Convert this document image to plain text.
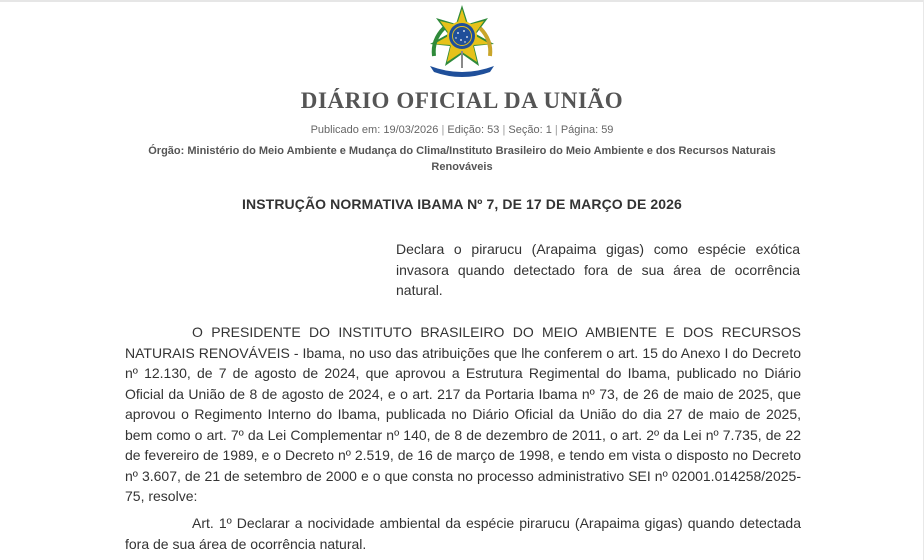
DIÁRIO OFICIAL DA UNIÃO
Publicado em: 19/03/2026 | Edição: 53 | Seção: 1 | Página: 59
Órgão: Ministério do Meio Ambiente e Mudança do Clima/Instituto Brasileiro do Meio Ambiente e dos Recursos Naturais Renováveis
INSTRUÇÃO NORMATIVA IBAMA Nº 7, DE 17 DE MARÇO DE 2026
Declara o pirarucu (Arapaima gigas) como espécie exótica invasora quando detectado fora de sua área de ocorrência natural.

O PRESIDENTE DO INSTITUTO BRASILEIRO DO MEIO AMBIENTE E DOS RECURSOS NATURAIS RENOVÁVEIS - Ibama, no uso das atribuições que lhe conferem o art. 15 do Anexo I do Decreto nº 12.130, de 7 de agosto de 2024, que aprovou a Estrutura Regimental do Ibama, publicado no Diário Oficial da União de 8 de agosto de 2024, e o art. 217 da Portaria Ibama nº 73, de 26 de maio de 2025, que aprovou o Regimento Interno do Ibama, publicada no Diário Oficial da União do dia 27 de maio de 2025, bem como o art. 7º da Lei Complementar nº 140, de 8 de dezembro de 2011, o art. 2º da Lei nº 7.735, de 22 de fevereiro de 1989, e o Decreto nº 2.519, de 16 de março de 1998, e tendo em vista o disposto no Decreto nº 3.607, de 21 de setembro de 2000 e o que consta no processo administrativo SEI nº 02001.014258/2025-75, resolve:

Art. 1º Declarar a nocividade ambiental da espécie pirarucu (Arapaima gigas) quando detectada fora de sua área de ocorrência natural.
